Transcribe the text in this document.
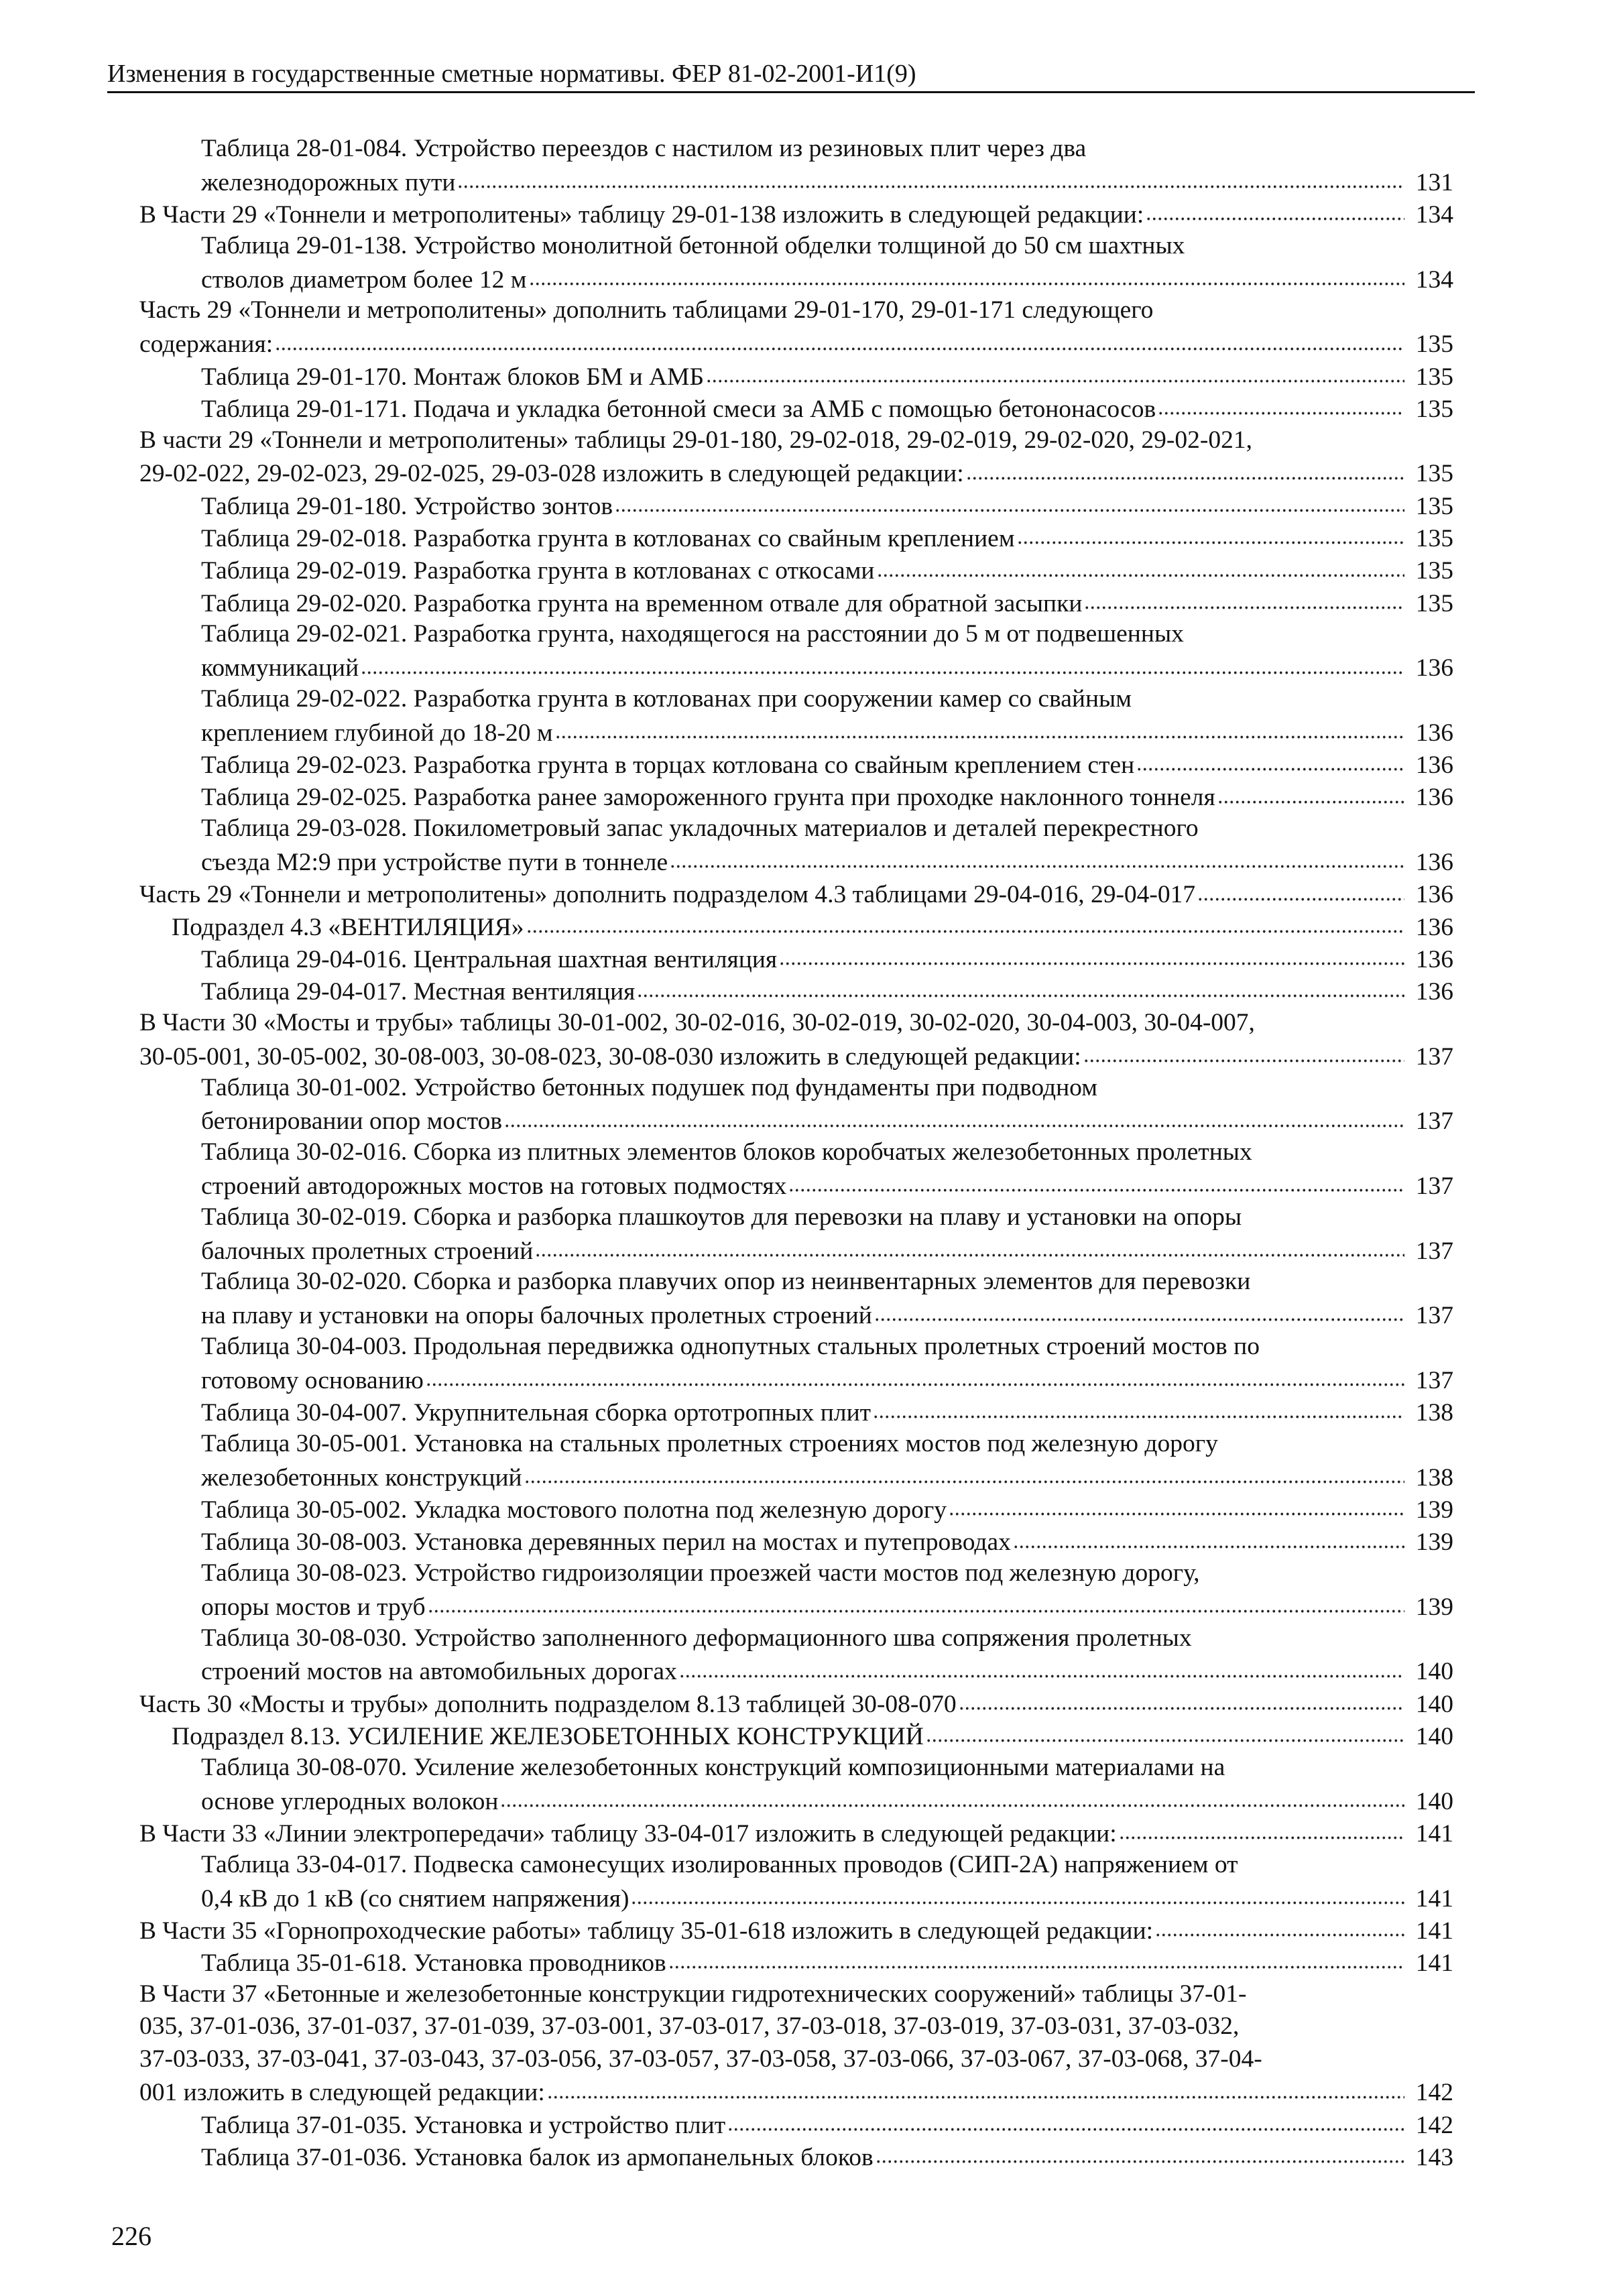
Изменения в государственные сметные нормативы. ФЕР 81-02-2001-И1(9)
Таблица 28-01-084. Устройство переездов с настилом из резиновых плит через два
железнодорожных пути	131
В Части 29 «Тоннели и метрополитены» таблицу 29-01-138 изложить в следующей редакции:	134
Таблица 29-01-138. Устройство монолитной бетонной обделки толщиной до 50 см шахтных
стволов диаметром более 12 м	134
Часть 29 «Тоннели и метрополитены» дополнить таблицами 29-01-170, 29-01-171 следующего
содержания:	135
Таблица 29-01-170. Монтаж блоков БМ и АМБ	135
Таблица 29-01-171. Подача и укладка бетонной смеси за АМБ с помощью бетононасосов	135
В части 29 «Тоннели и метрополитены» таблицы 29-01-180, 29-02-018, 29-02-019, 29-02-020, 29-02-021,
29-02-022, 29-02-023, 29-02-025, 29-03-028 изложить в следующей редакции:	135
Таблица 29-01-180. Устройство зонтов	135
Таблица 29-02-018. Разработка грунта в котлованах со свайным креплением	135
Таблица 29-02-019. Разработка грунта в котлованах с откосами	135
Таблица 29-02-020. Разработка грунта на временном отвале для обратной засыпки	135
Таблица 29-02-021. Разработка грунта, находящегося на расстоянии до 5 м от подвешенных
коммуникаций	136
Таблица 29-02-022. Разработка грунта в котлованах при сооружении камер со свайным
креплением глубиной до 18-20 м	136
Таблица 29-02-023. Разработка грунта в торцах котлована со свайным креплением стен	136
Таблица 29-02-025. Разработка ранее замороженного грунта при проходке наклонного тоннеля	136
Таблица 29-03-028. Покилометровый запас укладочных материалов и деталей перекрестного
съезда М2:9 при устройстве пути в тоннеле	136
Часть 29 «Тоннели и метрополитены» дополнить подразделом 4.3 таблицами 29-04-016, 29-04-017	136
Подраздел 4.3 «ВЕНТИЛЯЦИЯ»	136
Таблица 29-04-016. Центральная шахтная вентиляция	136
Таблица 29-04-017. Местная вентиляция	136
В Части 30 «Мосты и трубы» таблицы 30-01-002, 30-02-016, 30-02-019, 30-02-020, 30-04-003, 30-04-007,
30-05-001, 30-05-002, 30-08-003, 30-08-023, 30-08-030 изложить в следующей редакции:	137
Таблица 30-01-002. Устройство бетонных подушек под фундаменты при подводном
бетонировании опор мостов	137
Таблица 30-02-016. Сборка из плитных элементов блоков коробчатых железобетонных пролетных
строений автодорожных мостов на готовых подмостях	137
Таблица 30-02-019. Сборка и разборка плашкоутов для перевозки на плаву и установки на опоры
балочных пролетных строений	137
Таблица 30-02-020. Сборка и разборка плавучих опор из неинвентарных элементов для перевозки
на плаву и установки на опоры балочных пролетных строений	137
Таблица 30-04-003. Продольная передвижка однопутных стальных пролетных строений мостов по
готовому основанию	137
Таблица 30-04-007. Укрупнительная сборка ортотропных плит	138
Таблица 30-05-001. Установка на стальных пролетных строениях мостов под железную дорогу
железобетонных конструкций	138
Таблица 30-05-002. Укладка мостового полотна под железную дорогу	139
Таблица 30-08-003. Установка деревянных перил на мостах и путепроводах	139
Таблица 30-08-023. Устройство гидроизоляции проезжей части мостов под железную дорогу,
опоры мостов и труб	139
Таблица 30-08-030. Устройство заполненного деформационного шва сопряжения пролетных
строений мостов на автомобильных дорогах	140
Часть 30 «Мосты и трубы» дополнить подразделом 8.13 таблицей 30-08-070	140
Подраздел 8.13. УСИЛЕНИЕ ЖЕЛЕЗОБЕТОННЫХ КОНСТРУКЦИЙ	140
Таблица 30-08-070. Усиление железобетонных конструкций композиционными материалами на
основе углеродных волокон	140
В Части 33 «Линии электропередачи» таблицу 33-04-017 изложить в следующей редакции:	141
Таблица 33-04-017. Подвеска самонесущих изолированных проводов (СИП-2А) напряжением от
0,4 кВ до 1 кВ (со снятием напряжения)	141
В Части 35 «Горнопроходческие работы» таблицу 35-01-618 изложить в следующей редакции:	141
Таблица 35-01-618. Установка проводников	141
В Части 37 «Бетонные и железобетонные конструкции гидротехнических сооружений» таблицы 37-01-
035, 37-01-036, 37-01-037, 37-01-039, 37-03-001, 37-03-017, 37-03-018, 37-03-019, 37-03-031, 37-03-032,
37-03-033, 37-03-041, 37-03-043, 37-03-056, 37-03-057, 37-03-058, 37-03-066, 37-03-067, 37-03-068, 37-04-
001 изложить в следующей редакции:	142
Таблица 37-01-035. Установка и устройство плит	142
Таблица 37-01-036. Установка балок из армопанельных блоков	143
226
